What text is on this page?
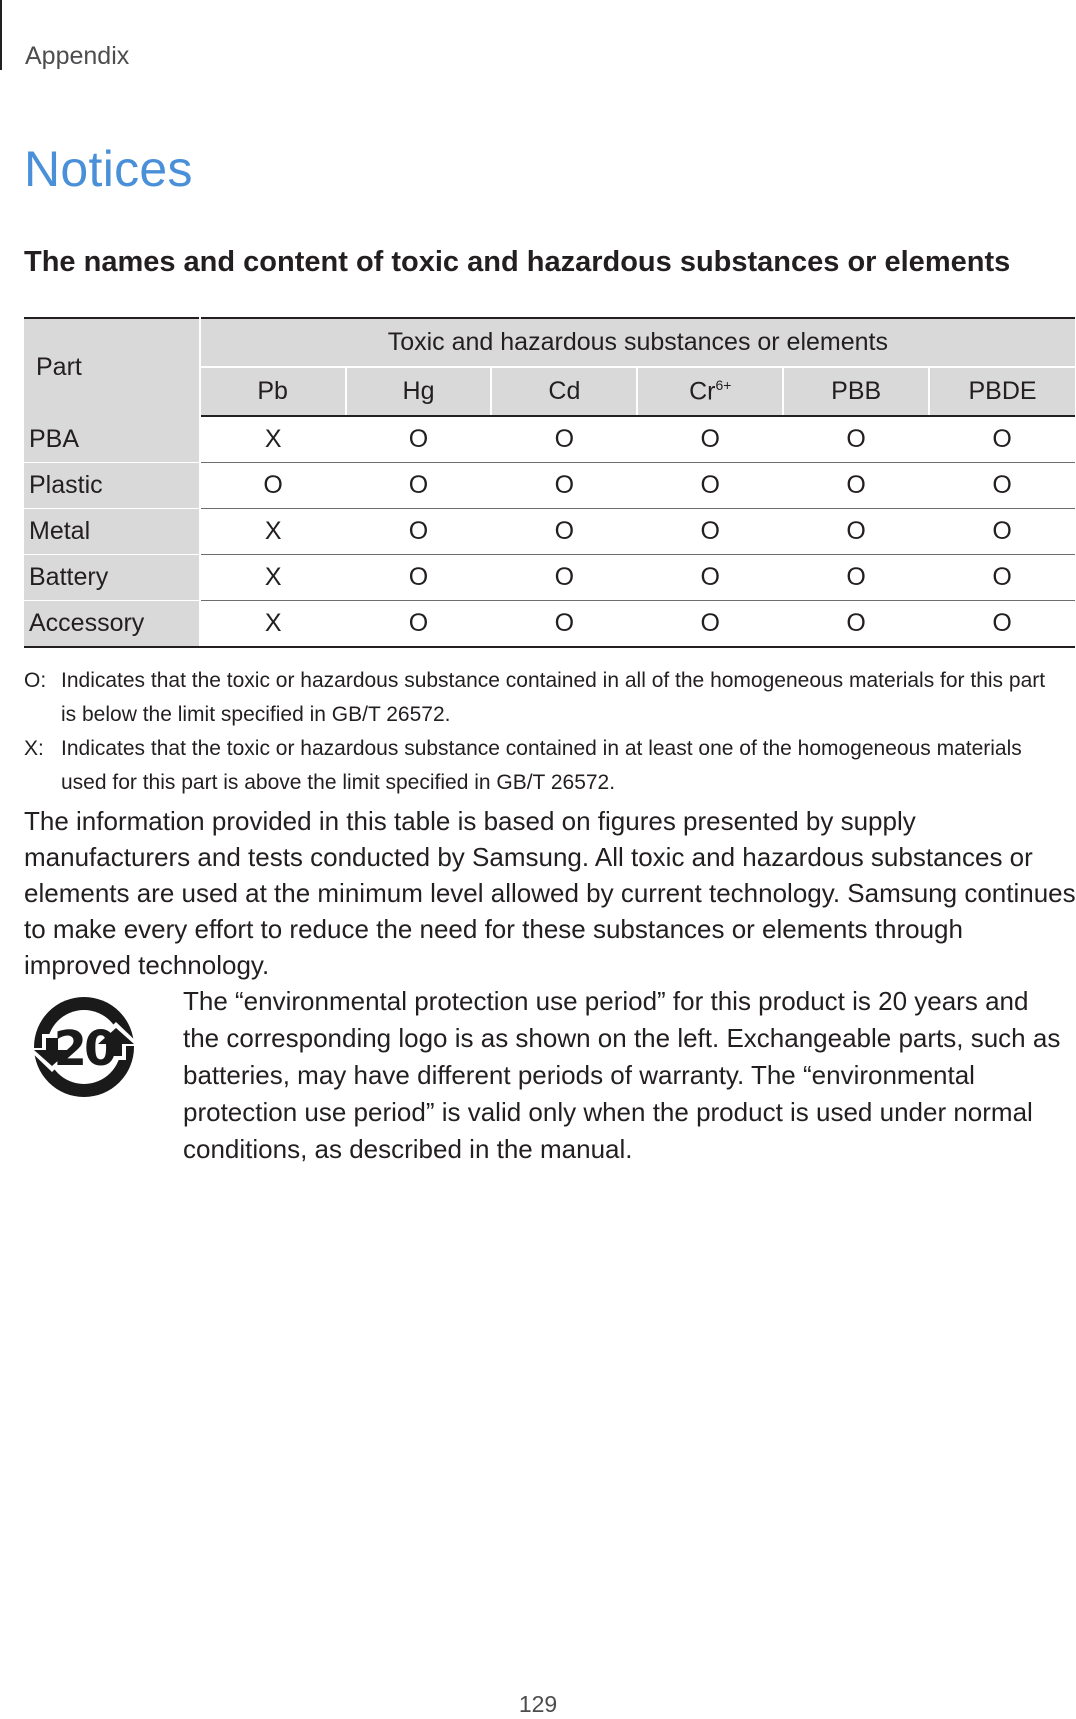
Appendix
Notices
The names and content of toxic and hazardous substances or elements
Part	Toxic and hazardous substances or elements					
	Pb	Hg	Cd	$Cr^{6+}$	PBB	PBDE
PBA	X	O	O	O	O	O
Plastic	O	O	O	O	O	O
Metal	X	O	O	O	O	O
Battery	X	O	O	O	O	O
Accessory	X	O	O	O	O	O
O: Indicates that the toxic or hazardous substance contained in all of the homogeneous materials for this part is below the limit specified in GB/T 26572.
X: Indicates that the toxic or hazardous substance contained in at least one of the homogeneous materials used for this part is above the limit specified in GB/T 26572.

The information provided in this table is based on figures presented by supply manufacturers and tests conducted by Samsung. All toxic and hazardous substances or elements are used at the minimum level allowed by current technology. Samsung continues to make every effort to reduce the need for these substances or elements through improved technology.

20

The “environmental protection use period” for this product is 20 years and the corresponding logo is as shown on the left. Exchangeable parts, such as batteries, may have different periods of warranty. The “environmental protection use period” is valid only when the product is used under normal conditions, as described in the manual.

129
